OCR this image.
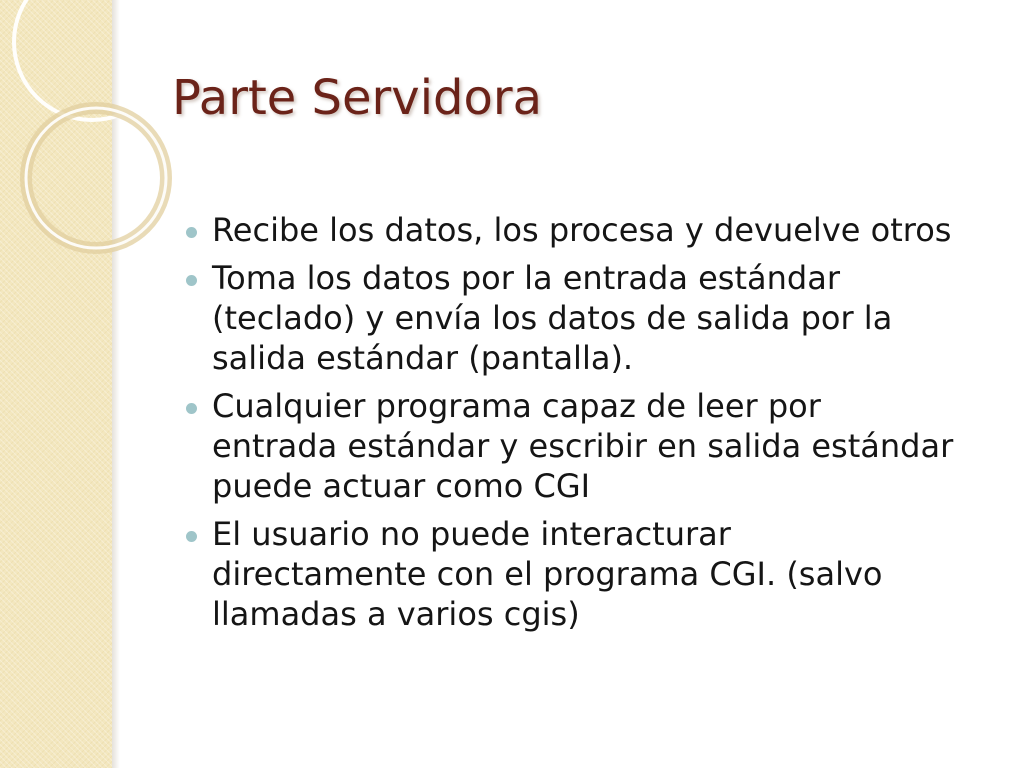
Parte Servidora
Recibe los datos, los procesa y devuelve otros
Toma los datos por la entrada estándar (teclado) y envía los datos de salida por la salida estándar (pantalla).
Cualquier programa capaz de leer por entrada estándar y escribir en salida estándar puede actuar como CGI
El usuario no puede interacturar directamente con el programa CGI. (salvo llamadas a varios cgis)
